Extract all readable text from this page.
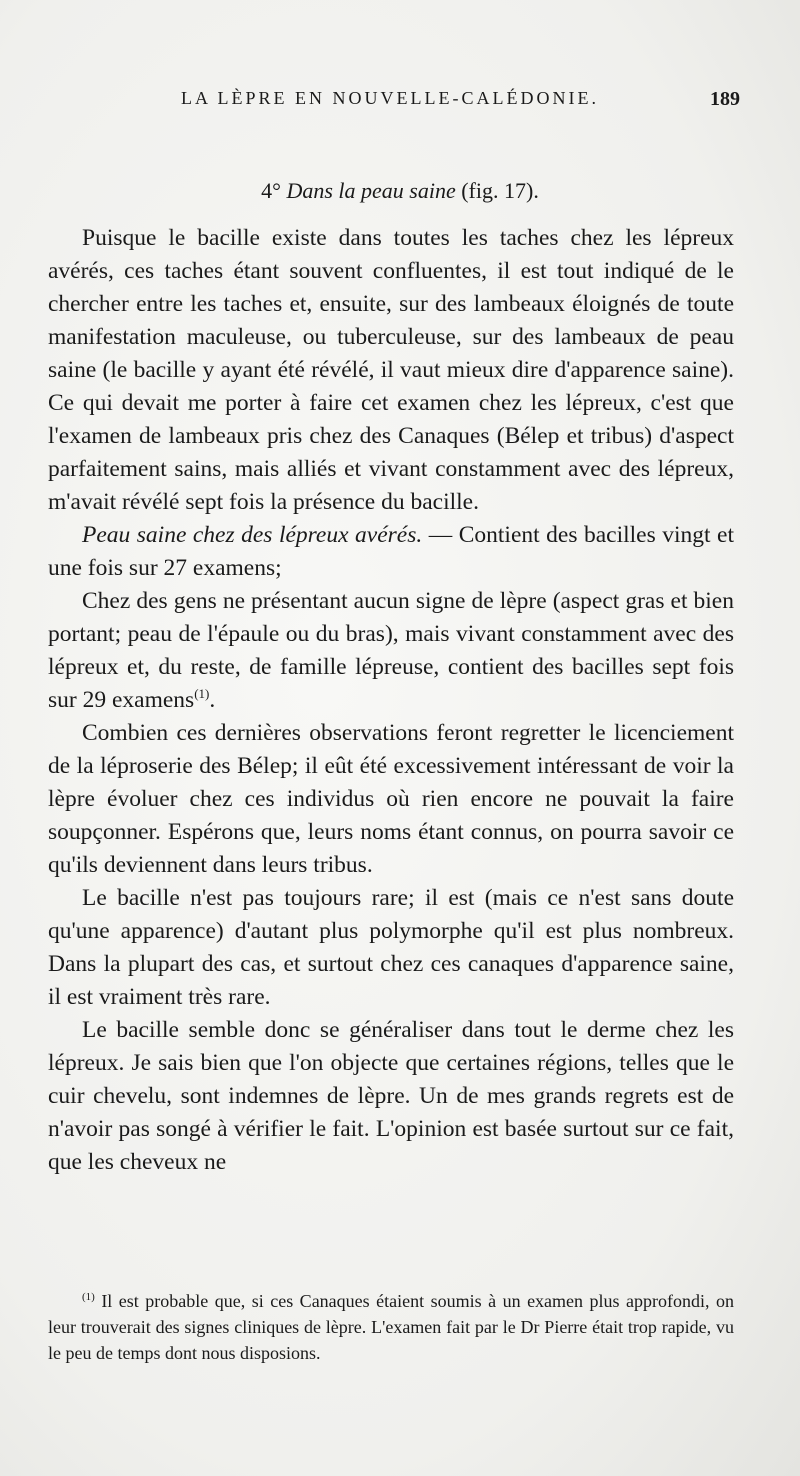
LA LÈPRE EN NOUVELLE-CALÉDONIE.	189
4° Dans la peau saine (fig. 17).

Puisque le bacille existe dans toutes les taches chez les lépreux avérés, ces taches étant souvent confluentes, il est tout indiqué de le chercher entre les taches et, ensuite, sur des lambeaux éloignés de toute manifestation maculeuse, ou tuberculeuse, sur des lambeaux de peau saine (le bacille y ayant été révélé, il vaut mieux dire d'apparence saine). Ce qui devait me porter à faire cet examen chez les lépreux, c'est que l'examen de lambeaux pris chez des Canaques (Bélep et tribus) d'aspect parfaitement sains, mais alliés et vivant constamment avec des lépreux, m'avait révélé sept fois la présence du bacille.

Peau saine chez des lépreux avérés. — Contient des bacilles vingt et une fois sur 27 examens;

Chez des gens ne présentant aucun signe de lèpre (aspect gras et bien portant; peau de l'épaule ou du bras), mais vivant constamment avec des lépreux et, du reste, de famille lépreuse, contient des bacilles sept fois sur 29 examens$^{(1)}$.

Combien ces dernières observations feront regretter le licenciement de la léproserie des Bélep; il eût été excessivement intéressant de voir la lèpre évoluer chez ces individus où rien encore ne pouvait la faire soupçonner. Espérons que, leurs noms étant connus, on pourra savoir ce qu'ils deviennent dans leurs tribus.

Le bacille n'est pas toujours rare; il est (mais ce n'est sans doute qu'une apparence) d'autant plus polymorphe qu'il est plus nombreux. Dans la plupart des cas, et surtout chez ces canaques d'apparence saine, il est vraiment très rare.

Le bacille semble donc se généraliser dans tout le derme chez les lépreux. Je sais bien que l'on objecte que certaines régions, telles que le cuir chevelu, sont indemnes de lèpre. Un de mes grands regrets est de n'avoir pas songé à vérifier le fait. L'opinion est basée surtout sur ce fait, que les cheveux ne

$^{(1)}$ Il est probable que, si ces Canaques étaient soumis à un examen plus approfondi, on leur trouverait des signes cliniques de lèpre. L'examen fait par le Dr Pierre était trop rapide, vu le peu de temps dont nous disposions.
